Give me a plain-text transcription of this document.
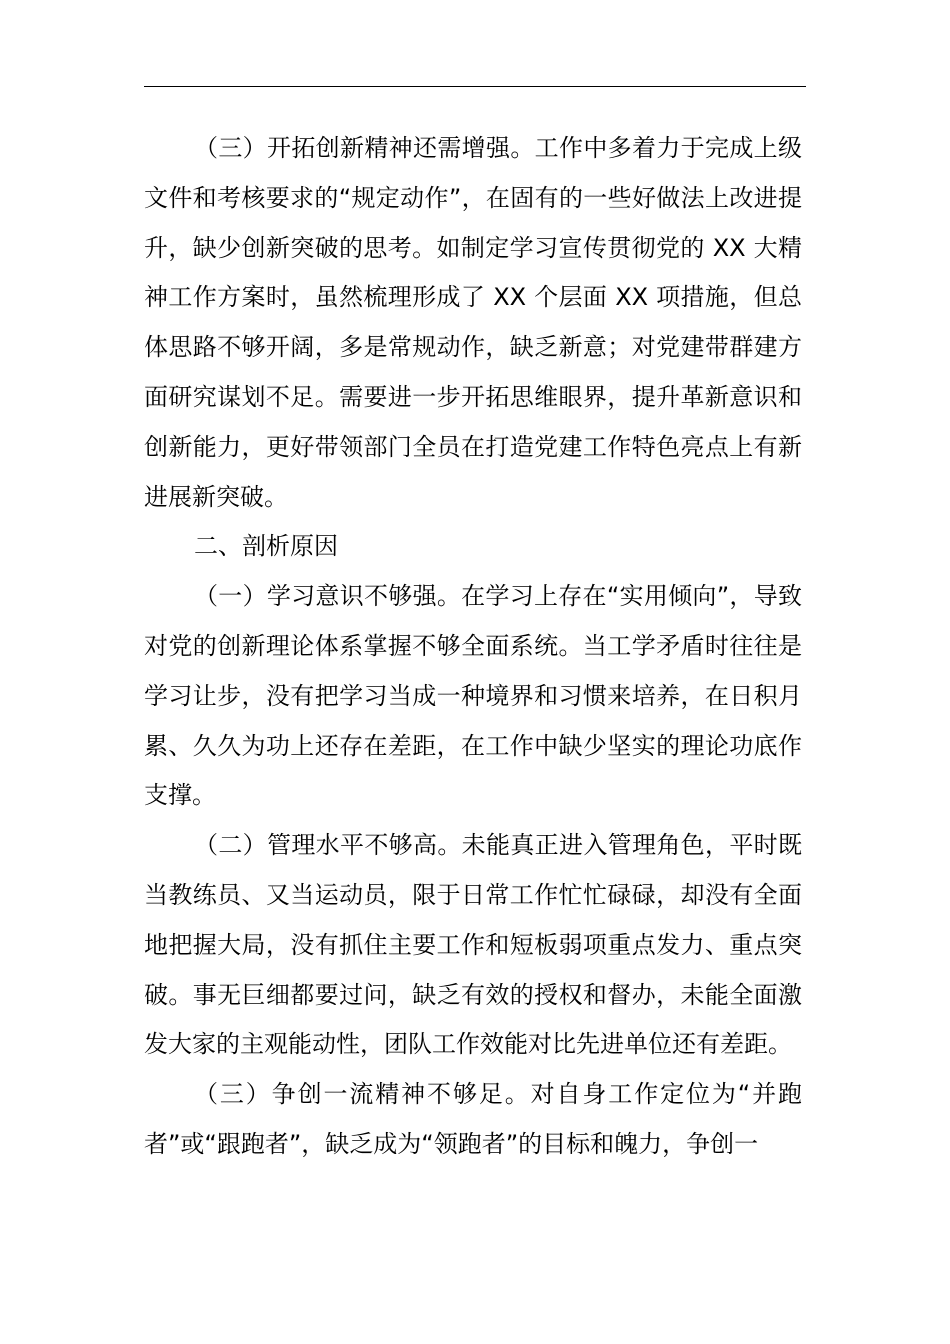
（三）开拓创新精神还需增强。工作中多着力于完成上级文件和考核要求的“规定动作”，在固有的一些好做法上改进提升，缺少创新突破的思考。如制定学习宣传贯彻党的 XX 大精神工作方案时，虽然梳理形成了 XX 个层面 XX 项措施，但总体思路不够开阔，多是常规动作，缺乏新意；对党建带群建方面研究谋划不足。需要进一步开拓思维眼界，提升革新意识和创新能力，更好带领部门全员在打造党建工作特色亮点上有新进展新突破。

二、剖析原因

（一）学习意识不够强。在学习上存在“实用倾向”，导致对党的创新理论体系掌握不够全面系统。当工学矛盾时往往是学习让步，没有把学习当成一种境界和习惯来培养，在日积月累、久久为功上还存在差距，在工作中缺少坚实的理论功底作支撑。

（二）管理水平不够高。未能真正进入管理角色，平时既当教练员、又当运动员，限于日常工作忙忙碌碌，却没有全面地把握大局，没有抓住主要工作和短板弱项重点发力、重点突破。事无巨细都要过问，缺乏有效的授权和督办，未能全面激发大家的主观能动性，团队工作效能对比先进单位还有差距。

（三）争创一流精神不够足。对自身工作定位为“并跑者”或“跟跑者”，缺乏成为“领跑者”的目标和魄力，争创一
